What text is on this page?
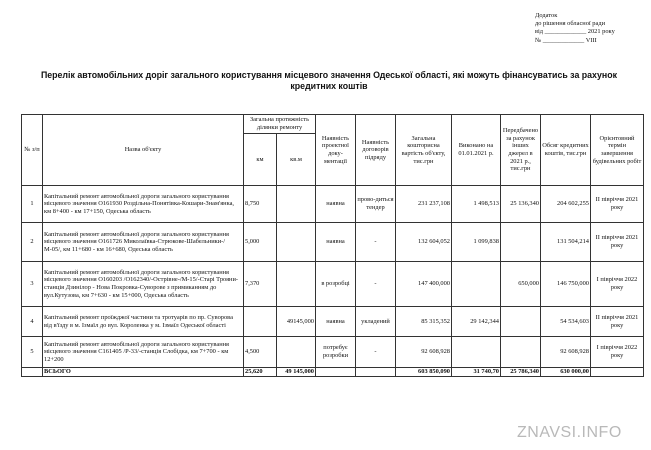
Додаток
до рішення обласної ради
від _____________ 2021 року
№ _____________ VIII
Перелік автомобільних доріг загального користування місцевого значення Одеської області, які можуть фінансуватись за рахунок кредитних коштів
№ з/п	Назва об'єкту	Загальна протяжність ділянки ремонту		Наявність проектної доку-ментації	Наявність договорів підряду	Загальна кошторисна вартість об'єкту, тис.грн	Виконано на 01.01.2021 р.	Передбачено за рахунок інших джерел в 2021 р., тис.грн	Обсяг кредитних коштів, тис.грн	Орієнтовний термін завершення будівельних робіт
		км	кв.м							
1	Капітальний ремонт автомобільної дороги загального користування місцевого значення О161930 Роздільна-Понятівка-Кошари-Знам'янка, км 8+400 - км 17+150, Одеська область	8,750		наявна	прово-диться тендер	231 237,108	1 498,513	25 136,340	204 602,255	ІІ півріччя 2021 року
2	Капітальний ремонт автомобільної дороги загального користування місцевого значення О161726 Миколаївка-Стрюкове-Шабельники-/М-05/, км 11+680 - км 16+680, Одеська область	5,000		наявна	-	132 604,052	1 099,838		131 504,214	ІІ півріччя 2021 року
3	Капітальний ремонт автомобільної дороги загального користування місцевого значення О160203 /О162340/-Острівне-/М-15/-Старі Трояни-станція Дзинілор - Нова Покровка-Суворове з примиканням до вул.Кутузова, км 7+630 - км 15+000, Одеська область	7,370		в розробці	-	147 400,000		650,000	146 750,000	І півріччя 2022 року
4	Капітальний ремонт проїжджої частини та тротуарів по пр. Суворова від в'їзду в м. Ізмаїл до вул. Короленка у м. Ізмаїл Одеської області		49145,000	наявна	укладений	85 315,352	29 142,344		54 534,603	ІІ півріччя 2021 року
5	Капітальний ремонт автомобільної дороги загального користування місцевого значення С161405 /Р-33/-станція Слобідка, км 7+700 - км 12+200	4,500		потребує розробки	-	92 608,928			92 608,928	І півріччя 2022 року
	ВСЬОГО	25,620	49 145,000			603 850,090	31 740,70	25 786,340	630 000,00	
ZNAVSI.INFO
